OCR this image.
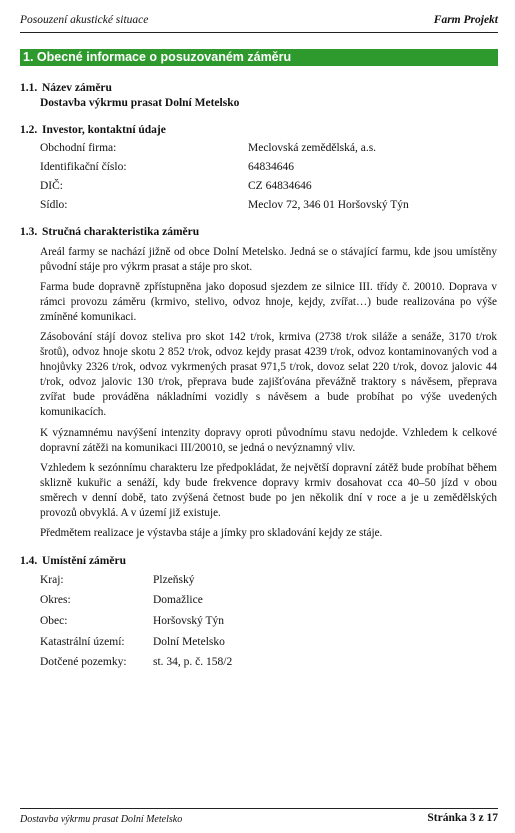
Posouzení akustické situace	Farm Projekt
1. Obecné informace o posuzovaném záměru
1.1. Název záměru
Dostavba výkrmu prasat Dolní Metelsko
1.2. Investor, kontaktní údaje
Obchodní firma:	Meclovská zemědělská, a.s.
Identifikační číslo:	64834646
DIČ:	CZ 64834646
Sídlo:	Meclov 72, 346 01 Horšovský Týn
1.3. Stručná charakteristika záměru

Areál farmy se nachází jižně od obce Dolní Metelsko. Jedná se o stávající farmu, kde jsou umístěny původní stáje pro výkrm prasat a stáje pro skot.

Farma bude dopravně zpřístupněna jako doposud sjezdem ze silnice III. třídy č. 20010. Doprava v rámci provozu záměru (krmivo, stelivo, odvoz hnoje, kejdy, zvířat…) bude realizována po výše zmíněné komunikaci.

Zásobování stájí dovoz steliva pro skot 142 t/rok, krmiva (2738 t/rok siláže a senáže, 3170 t/rok šrotů), odvoz hnoje skotu 2 852 t/rok, odvoz kejdy prasat 4239 t/rok, odvoz kontaminovaných vod a hnojůvky 2326 t/rok, odvoz vykrmených prasat 971,5 t/rok, dovoz selat 220 t/rok, dovoz jalovic 44 t/rok, odvoz jalovic 130 t/rok, přeprava bude zajišťována převážně traktory s návěsem, přeprava zvířat bude prováděna nákladními vozidly s návěsem a bude probíhat po výše uvedených komunikacích.

K významnému navýšení intenzity dopravy oproti původnímu stavu nedojde. Vzhledem k celkové dopravní zátěži na komunikaci III/20010, se jedná o nevýznamný vliv.

Vzhledem k sezónnímu charakteru lze předpokládat, že největší dopravní zátěž bude probíhat během sklizně kukuřic a senáží, kdy bude frekvence dopravy krmiv dosahovat cca 40–50 jízd v obou směrech v denní době, tato zvýšená četnost bude po jen několik dní v roce a je u zemědělských provozů obvyklá. A v území již existuje.

Předmětem realizace je výstavba stáje a jímky pro skladování kejdy ze stáje.

1.4. Umístění záměru
Kraj:	Plzeňský
Okres:	Domažlice
Obec:	Horšovský Týn
Katastrální území: Dolní Metelsko
Dotčené pozemky: st. 34, p. č. 158/2
Dostavba výkrmu prasat Dolní Metelsko	Stránka 3 z 17
